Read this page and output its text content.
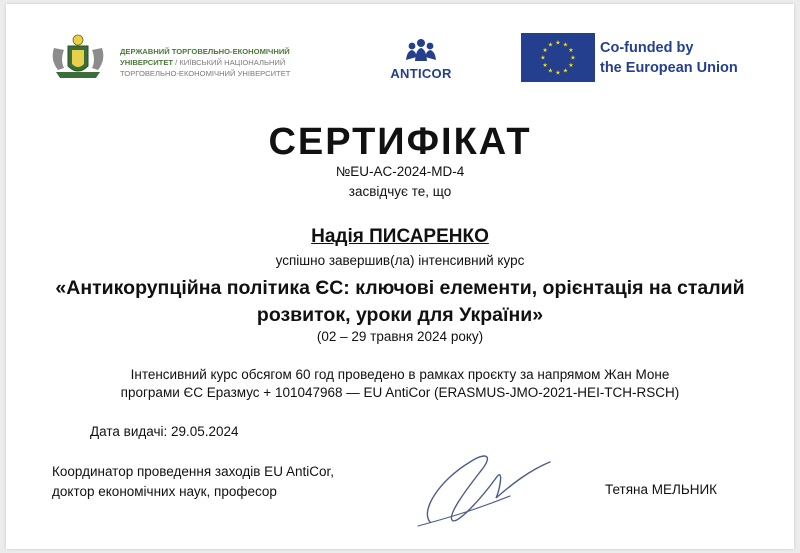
ДЕРЖАВНИЙ ТОРГОВЕЛЬНО-ЕКОНОМІЧНИЙ
УНІВЕРСИТЕТ / КИЇВСЬКИЙ НАЦІОНАЛЬНИЙ
ТОРГОВЕЛЬНО-ЕКОНОМІЧНИЙ УНІВЕРСИТЕТ	ANTICOR
★ ★
★
★
★
★
★
★
★
★
★
★	Co-funded by
the European Union
СЕРТИФІКАТ
№EU-AC-2024-MD-4
засвідчує те, що
Надія ПИСАРЕНКО
успішно завершив(ла) інтенсивний курс
«Антикорупційна політика ЄС: ключові елементи, орієнтація на сталий
розвиток, уроки для України»
(02 – 29 травня 2024 року)
Інтенсивний курс обсягом 60 год проведено в рамках проєкту за напрямом Жан Моне
програми ЄС Еразмус + 101047968 — EU AntiCor (ERASMUS-JMO-2021-HEI-TCH-RSCH)
Дата видачі: 29.05.2024
Координатор проведення заходів EU AntiCor,
доктор економічних наук, професор	Тетяна МЕЛЬНИК
